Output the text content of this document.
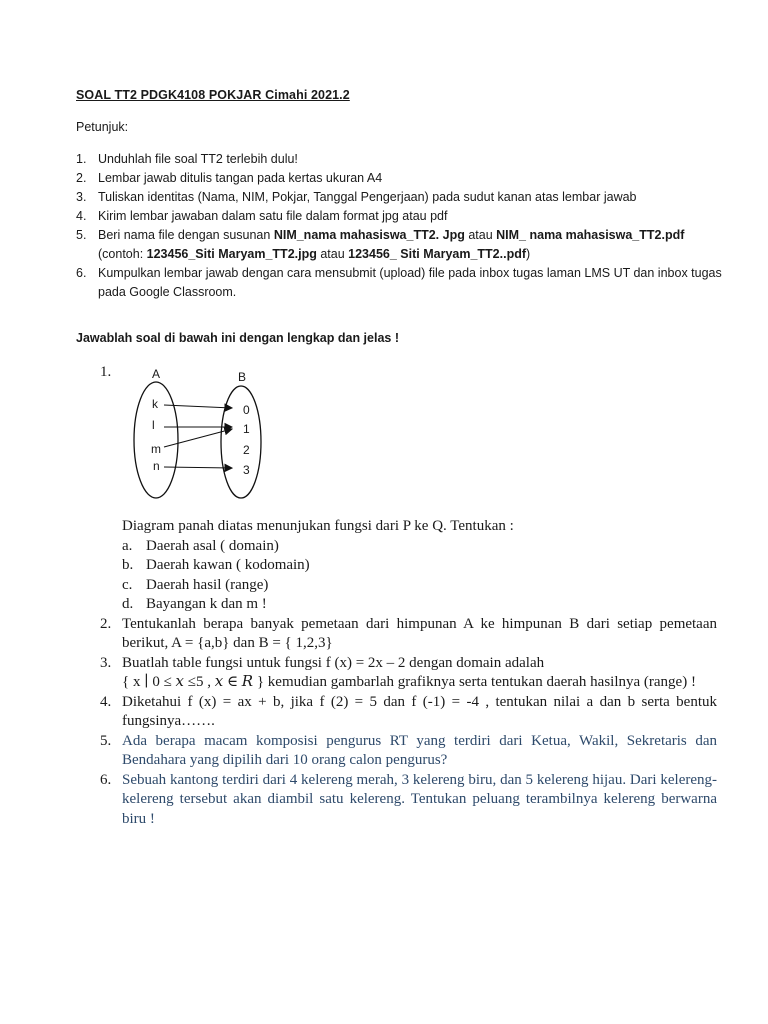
SOAL TT2 PDGK4108 POKJAR Cimahi 2021.2
Petunjuk:
1. Unduhlah file soal TT2 terlebih dulu!
2. Lembar jawab ditulis tangan pada kertas ukuran A4
3. Tuliskan identitas (Nama, NIM, Pokjar, Tanggal Pengerjaan) pada sudut kanan atas lembar jawab
4. Kirim lembar jawaban dalam satu file dalam format jpg atau pdf
5. Beri nama file dengan susunan NIM_nama mahasiswa_TT2. Jpg atau NIM_ nama mahasiswa_TT2.pdf
(contoh: 123456_Siti Maryam_TT2.jpg atau 123456_ Siti Maryam_TT2..pdf)
6. Kumpulkan lembar jawab dengan cara mensubmit (upload) file pada inbox tugas laman LMS UT dan inbox tugas pada Google Classroom.
Jawablah soal di bawah ini dengan lengkap dan jelas !
1.	A	B
k
l
m
n
0
1
2
3
Diagram panah diatas menunjukan fungsi dari P ke Q. Tentukan :
a. Daerah asal ( domain)
b. Daerah kawan ( kodomain)
c. Daerah hasil (range)
d. Bayangan k dan m !
2. Tentukanlah berapa banyak pemetaan dari himpunan A ke himpunan B dari setiap pemetaan berikut, A = {a,b} dan B = { 1,2,3}
3. Buatlah table fungsi untuk fungsi f (x) = 2x – 2 dengan domain adalah
{ x ∣ 0 ≤ 𝑥 ≤5 , 𝑥 ∈ 𝑅 } kemudian gambarlah grafiknya serta tentukan daerah hasilnya (range) !
4. Diketahui f (x) = ax + b, jika f (2) = 5 dan f (-1) = -4 , tentukan nilai a dan b serta bentuk fungsinya…….
5. Ada berapa macam komposisi pengurus RT yang terdiri dari Ketua, Wakil, Sekretaris dan Bendahara yang dipilih dari 10 orang calon pengurus?
6. Sebuah kantong terdiri dari 4 kelereng merah, 3 kelereng biru, dan 5 kelereng hijau. Dari kelereng- kelereng tersebut akan diambil satu kelereng. Tentukan peluang terambilnya kelereng berwarna biru !
